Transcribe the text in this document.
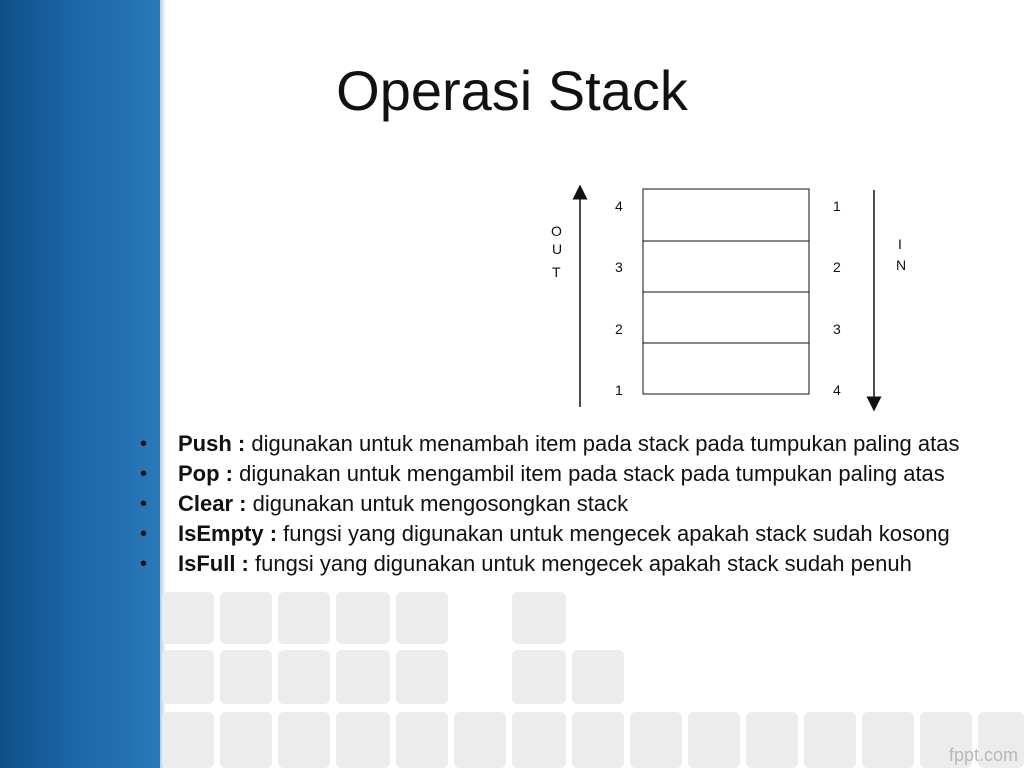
Operasi Stack
O
U
T
I
N
4
3
2
1
1
2
3
4
• Push : digunakan untuk menambah item pada stack pada tumpukan paling atas
• Pop : digunakan untuk mengambil item pada stack pada tumpukan paling atas
• Clear : digunakan untuk mengosongkan stack
• IsEmpty : fungsi yang digunakan untuk mengecek apakah stack sudah kosong
• IsFull : fungsi yang digunakan untuk mengecek apakah stack sudah penuh
fppt.com
